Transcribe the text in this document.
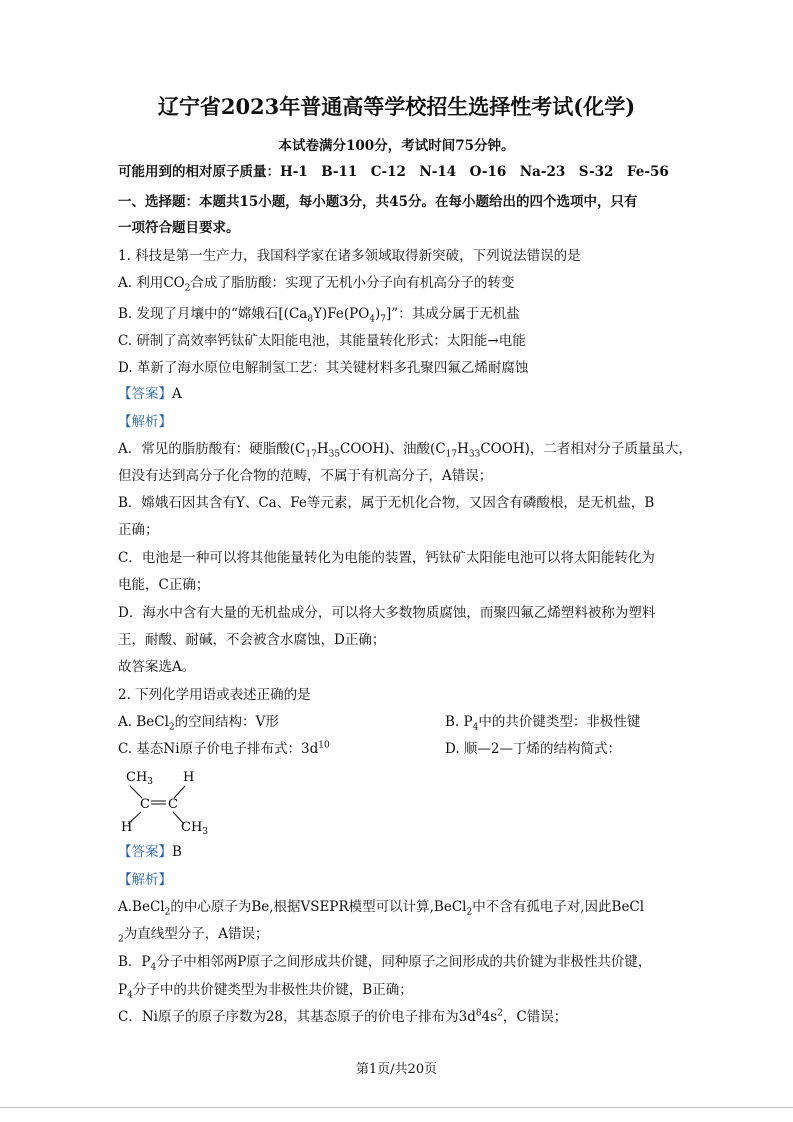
辽宁省2023年普通高等学校招生选择性考试(化学)
本试卷满分100分，考试时间75分钟。
可能用到的相对原子质量：H-1　B-11　C-12　N-14　O-16　Na-23　S-32　Fe-56
一、选择题：本题共15小题，每小题3分，共45分。在每小题给出的四个选项中，只有
一项符合题目要求。
1. 科技是第一生产力，我国科学家在诸多领域取得新突破，下列说法错误的是
A. 利用$CO_2$合成了脂肪酸：实现了无机小分子向有机高分子的转变
B. 发现了月壤中的“嫦娥石$[(Ca_8Y)Fe(PO_4)_7]$”：其成分属于无机盐
C. 研制了高效率钙钛矿太阳能电池，其能量转化形式：太阳能→电能
D. 革新了海水原位电解制氢工艺：其关键材料多孔聚四氟乙烯耐腐蚀
【答案】A
【解析】
A．常见的脂肪酸有：硬脂酸$(C_{17}H_{35}COOH)$、油酸$(C_{17}H_{33}COOH)$，二者相对分子质量虽大，
但没有达到高分子化合物的范畴，不属于有机高分子，A错误；
B．嫦娥石因其含有Y、Ca、Fe等元素，属于无机化合物，又因含有磷酸根，是无机盐，B
正确；
C．电池是一种可以将其他能量转化为电能的装置，钙钛矿太阳能电池可以将太阳能转化为
电能，C正确；
D．海水中含有大量的无机盐成分，可以将大多数物质腐蚀，而聚四氟乙烯塑料被称为塑料
王，耐酸、耐碱，不会被含水腐蚀，D正确；
故答案选A。
2. 下列化学用语或表述正确的是
A. BeCl$_2$的空间结构：V形	B. $P_4$中的共价键类型：非极性键
C. 基态Ni原子价电子排布式：$3d^{10}$	D. 顺—2—丁烯的结构简式：
$CH_3$ H
C C
H	$CH_3$
【答案】B
【解析】
A.BeCl$_2$的中心原子为Be,根据VSEPR模型可以计算,BeCl$_2$中不含有孤电子对,因此BeCl
$_2$为直线型分子，A错误；
B．$P_4$分子中相邻两P原子之间形成共价键，同种原子之间形成的共价键为非极性共价键，
$P_4$分子中的共价键类型为非极性共价键，B正确；
C．Ni原子的原子序数为28，其基态原子的价电子排布为$3d^84s^2$，C错误；
第1页/共20页
